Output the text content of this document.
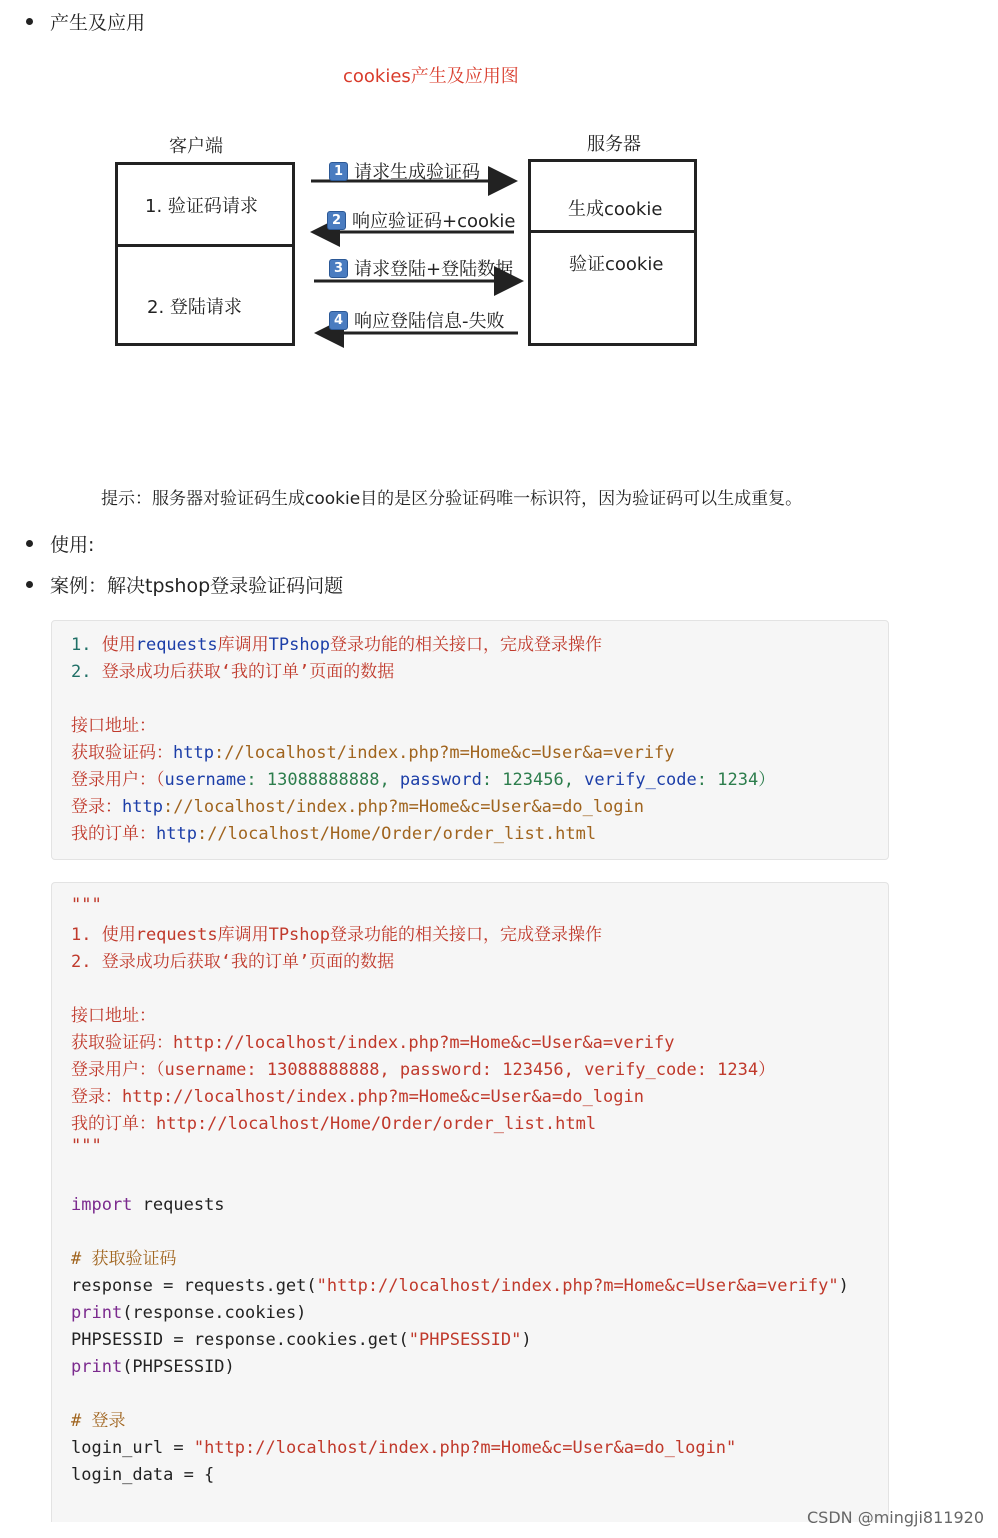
产生及应用
cookies产生及应用图
客户端	服务器
1. 验证码请求
2. 登陆请求
生成cookie
验证cookie
1 请求生成验证码
2 响应验证码+cookie
3 请求登陆+登陆数据
4 响应登陆信息-失败
提示：服务器对验证码生成cookie目的是区分验证码唯一标识符，因为验证码可以生成重复。
使用:
案例：解决tpshop登录验证码问题
1. 使用requests库调用TPshop登录功能的相关接口，完成登录操作
2. 登录成功后获取‘我的订单’页面的数据
接口地址：
获取验证码：http://localhost/index.php?m=Home&c=User&a=verify
登录用户：（username: 13088888888, password: 123456, verify_code: 1234）
登录：http://localhost/index.php?m=Home&c=User&a=do_login
我的订单：http://localhost/Home/Order/order_list.html
"""
1. 使用requests库调用TPshop登录功能的相关接口，完成登录操作
2. 登录成功后获取‘我的订单’页面的数据
接口地址：
获取验证码：http://localhost/index.php?m=Home&c=User&a=verify
登录用户：（username: 13088888888, password: 123456, verify_code: 1234）
登录：http://localhost/index.php?m=Home&c=User&a=do_login
我的订单：http://localhost/Home/Order/order_list.html
"""
import requests
# 获取验证码
response = requests.get("http://localhost/index.php?m=Home&c=User&a=verify")
print(response.cookies)
PHPSESSID = response.cookies.get("PHPSESSID")
print(PHPSESSID)
# 登录
login_url = "http://localhost/index.php?m=Home&c=User&a=do_login"
login_data = {
CSDN @mingji811920
